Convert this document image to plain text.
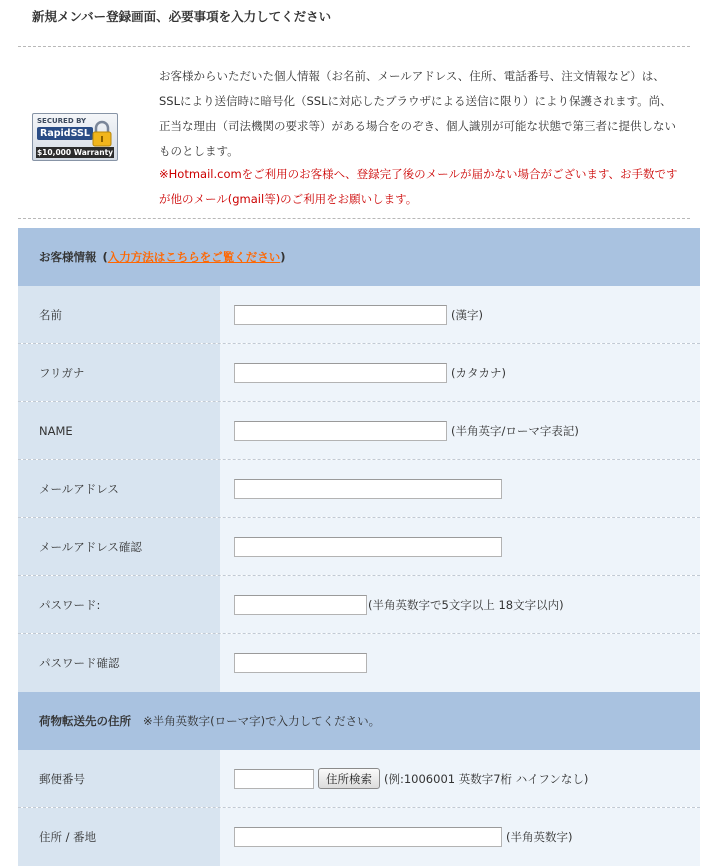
新規メンバー登録画面、必要事項を入力してください
SECURED BY
RapidSSL
$10,000 Warranty

お客様からいただいた個人情報（お名前、メールアドレス、住所、電話番号、注文情報など）は、SSLにより送信時に暗号化（SSLに対応したブラウザによる送信に限り）により保護されます。尚、正当な理由（司法機関の要求等）がある場合をのぞき、個人識別が可能な状態で第三者に提供しないものとします。

※Hotmail.comをご利用のお客様へ、登録完了後のメールが届かない場合がございます、お手数ですが他のメール(gmail等)のご利用をお願いします。

お客様情報 ( 入力方法はこちらをご覧ください )
名前	(漢字)
フリガナ	(カタカナ)
NAME	(半角英字/ローマ字表記)
メールアドレス
メールアドレス確認
パスワード:	(半角英数字で5文字以上 18文字以内)
パスワード確認
荷物転送先の住所 ※半角英数字(ローマ字)で入力してください。
郵便番号	住所検索	(例:1006001 英数字7桁 ハイフンなし)
住所 / 番地	(半角英数字)
